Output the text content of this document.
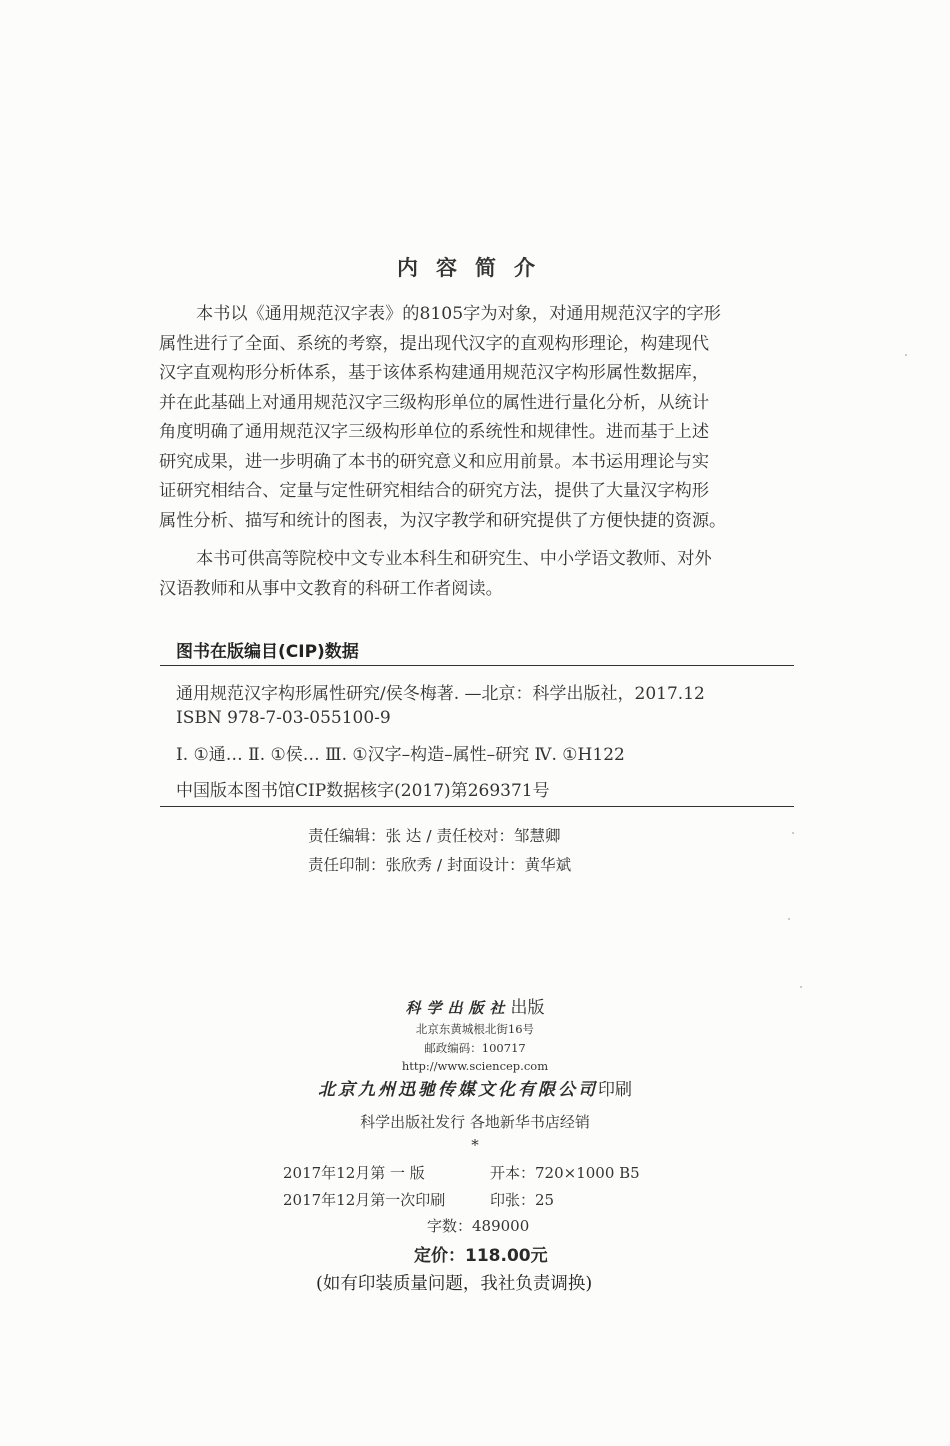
内容简介
本书以《通用规范汉字表》的8105字为对象，对通用规范汉字的字形
属性进行了全面、系统的考察，提出现代汉字的直观构形理论，构建现代
汉字直观构形分析体系，基于该体系构建通用规范汉字构形属性数据库，
并在此基础上对通用规范汉字三级构形单位的属性进行量化分析，从统计
角度明确了通用规范汉字三级构形单位的系统性和规律性。进而基于上述
研究成果，进一步明确了本书的研究意义和应用前景。本书运用理论与实
证研究相结合、定量与定性研究相结合的研究方法，提供了大量汉字构形
属性分析、描写和统计的图表，为汉字教学和研究提供了方便快捷的资源。
本书可供高等院校中文专业本科生和研究生、中小学语文教师、对外
汉语教师和从事中文教育的科研工作者阅读。
图书在版编目(CIP)数据
通用规范汉字构形属性研究/侯冬梅著. —北京：科学出版社，2017.12
ISBN 978-7-03-055100-9
Ⅰ. ①通… Ⅱ. ①侯… Ⅲ. ①汉字–构造–属性–研究 Ⅳ. ①H122
中国版本图书馆CIP数据核字(2017)第269371号
责任编辑：张 达 / 责任校对：邹慧卿
责任印制：张欣秀 / 封面设计：黄华斌
科学出版社出版
北京东黄城根北街16号
邮政编码：100717
http://www.sciencep.com
北京九州迅驰传媒文化有限公司印刷
科学出版社发行 各地新华书店经销
*
2017年12月第 一 版	开本：720×1000 B5
2017年12月第一次印刷	印张：25
字数：489000
定价：118.00元
(如有印装质量问题，我社负责调换)
